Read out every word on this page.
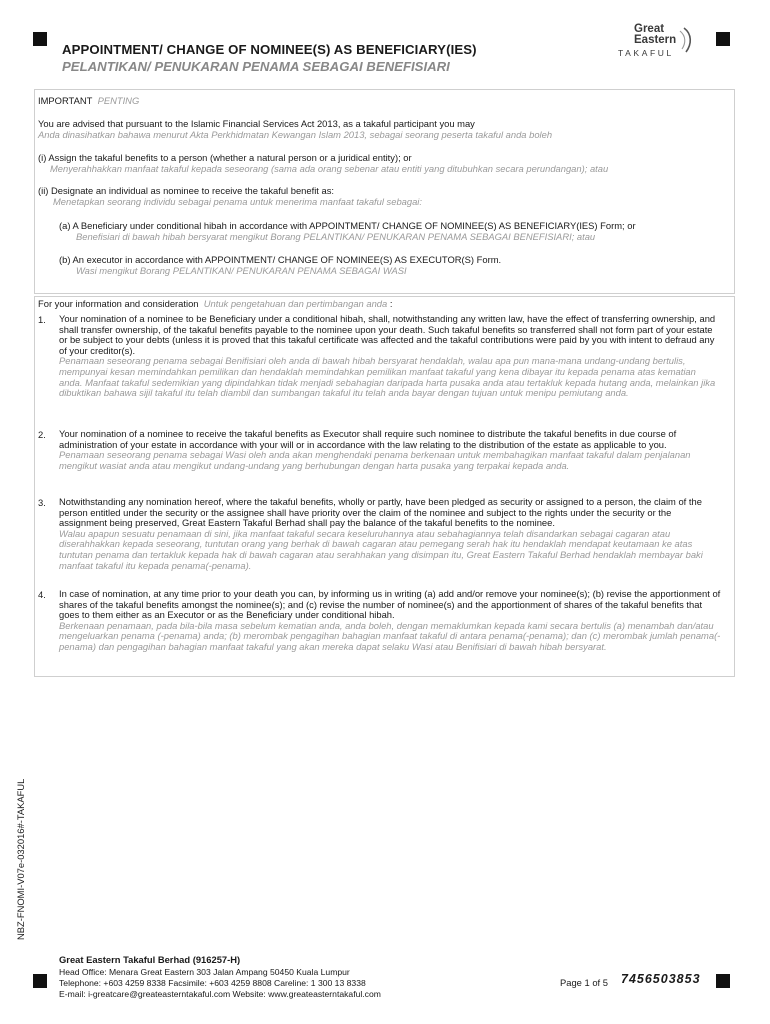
APPOINTMENT/ CHANGE OF NOMINEE(S) AS BENEFICIARY(IES)
PELANTIKAN/ PENUKARAN PENAMA SEBAGAI BENEFISIARI
Great
Eastern
TAKAFUL
IMPORTANT PENTING
You are advised that pursuant to the Islamic Financial Services Act 2013, as a takaful participant you may
Anda dinasihatkan bahawa menurut Akta Perkhidmatan Kewangan Islam 2013, sebagai seorang peserta takaful anda boleh
(i) Assign the takaful benefits to a person (whether a natural person or a juridical entity); or
Menyerahhakkan manfaat takaful kepada seseorang (sama ada orang sebenar atau entiti yang ditubuhkan secara perundangan); atau
(ii) Designate an individual as nominee to receive the takaful benefit as:
Menetapkan seorang individu sebagai penama untuk menerima manfaat takaful sebagai:
(a) A Beneficiary under conditional hibah in accordance with APPOINTMENT/ CHANGE OF NOMINEE(S) AS BENEFICIARY(IES) Form; or
Benefisiari di bawah hibah bersyarat mengikut Borang PELANTIKAN/ PENUKARAN PENAMA SEBAGAI BENEFISIARI; atau
(b) An executor in accordance with APPOINTMENT/ CHANGE OF NOMINEE(S) AS EXECUTOR(S) Form.
Wasi mengikut Borang PELANTIKAN/ PENUKARAN PENAMA SEBAGAI WASI
For your information and consideration Untuk pengetahuan dan pertimbangan anda :
1. Your nomination of a nominee to be Beneficiary under a conditional hibah, shall, notwithstanding any written law, have the effect of transferring ownership, and shall transfer ownership, of the takaful benefits payable to the nominee upon your death. Such takaful benefits so transferred shall not form part of your estate or be subject to your debts (unless it is proved that this takaful certificate was affected and the takaful contributions were paid by you with intent to defraud any of your creditor(s).

Penamaan seseorang penama sebagai Benifisiari oleh anda di bawah hibah bersyarat hendaklah, walau apa pun mana-mana undang-undang bertulis, mempunyai kesan memindahkan pemilikan dan hendaklah memindahkan pemilikan manfaat takaful yang kena dibayar itu kepada penama atas kematian anda. Manfaat takaful sedemikian yang dipindahkan tidak menjadi sebahagian daripada harta pusaka anda atau tertakluk kepada hutang anda, melainkan jika dibuktikan bahawa sijil takaful itu telah diambil dan sumbangan takaful itu telah anda bayar dengan tujuan untuk menipu pemiutang anda.

2. Your nomination of a nominee to receive the takaful benefits as Executor shall require such nominee to distribute the takaful benefits in due course of administration of your estate in accordance with your will or in accordance with the law relating to the distribution of the estate as applicable to you.

Penamaan seseorang penama sebagai Wasi oleh anda akan menghendaki penama berkenaan untuk membahagikan manfaat takaful dalam penjalanan mengikut wasiat anda atau mengikut undang-undang yang berhubungan dengan harta pusaka yang terpakai kepada anda.

3. Notwithstanding any nomination hereof, where the takaful benefits, wholly or partly, have been pledged as security or assigned to a person, the claim of the person entitled under the security or the assignee shall have priority over the claim of the nominee and subject to the rights under the security or the assignment being preserved, Great Eastern Takaful Berhad shall pay the balance of the takaful benefits to the nominee.

Walau apapun sesuatu penamaan di sini, jika manfaat takaful secara keseluruhannya atau sebahagiannya telah disandarkan sebagai cagaran atau diserahhakkan kepada seseorang, tuntutan orang yang berhak di bawah cagaran atau pemegang serah hak itu hendaklah mendapat keutamaan ke atas tuntutan penama dan tertakluk kepada hak di bawah cagaran atau serahhakan yang disimpan itu, Great Eastern Takaful Berhad hendaklah membayar baki manfaat takaful itu kepada penama(-penama).

4. In case of nomination, at any time prior to your death you can, by informing us in writing (a) add and/or remove your nominee(s); (b) revise the apportionment of shares of the takaful benefits amongst the nominee(s); and (c) revise the number of nominee(s) and the apportionment of shares of the takaful benefits that goes to them either as an Executor or as the Beneficiary under conditional hibah.

Berkenaan penamaan, pada bila-bila masa sebelum kematian anda, anda boleh, dengan memaklumkan kepada kami secara bertulis (a) menambah dan/atau mengeluarkan penama (-penama) anda; (b) merombak pengagihan bahagian manfaat takaful di antara penama(-penama); dan (c) merombak jumlah penama(-penama) dan pengagihan bahagian manfaat takaful yang akan mereka dapat selaku Wasi atau Benifisiari di bawah hibah bersyarat.

NBZ-FNOMI-V07e-032016#-TAKAFUL
Great Eastern Takaful Berhad (916257-H)
Head Office: Menara Great Eastern 303 Jalan Ampang 50450 Kuala Lumpur
Telephone: +603 4259 8338 Facsimile: +603 4259 8808 Careline: 1 300 13 8338
E-mail: i-greatcare@greateasterntakaful.com Website: www.greateasterntakaful.com
Page 1 of 5 7456503853
